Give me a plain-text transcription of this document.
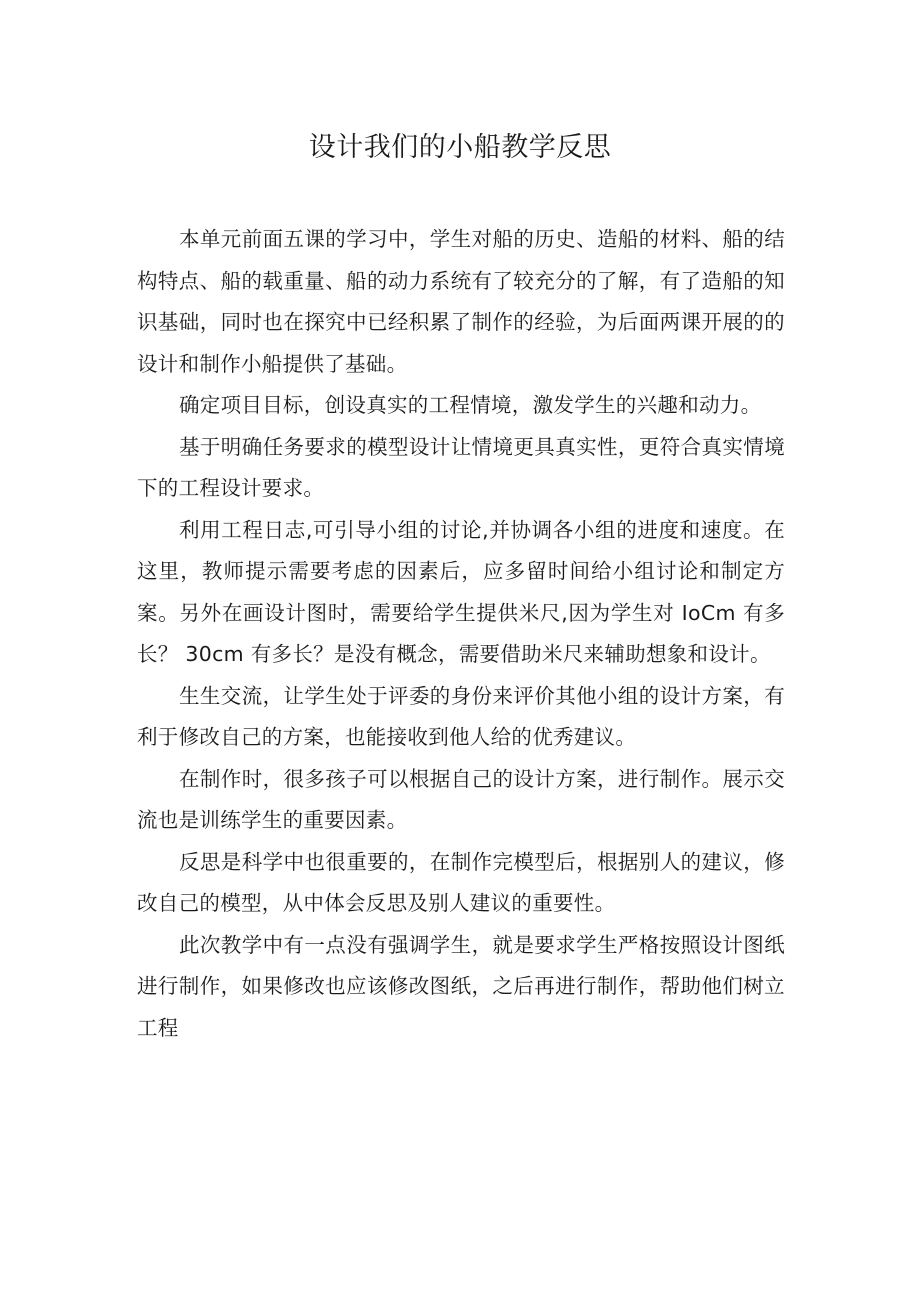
设计我们的小船教学反思

本单元前面五课的学习中，学生对船的历史、造船的材料、船的结构特点、船的载重量、船的动力系统有了较充分的了解，有了造船的知识基础，同时也在探究中已经积累了制作的经验，为后面两课开展的的设计和制作小船提供了基础。

确定项目目标，创设真实的工程情境，激发学生的兴趣和动力。

基于明确任务要求的模型设计让情境更具真实性，更符合真实情境下的工程设计要求。

利用工程日志,可引导小组的讨论,并协调各小组的进度和速度。在这里，教师提示需要考虑的因素后，应多留时间给小组讨论和制定方案。另外在画设计图时，需要给学生提供米尺,因为学生对 IoCm 有多长？ 30cm 有多长？是没有概念，需要借助米尺来辅助想象和设计。

生生交流，让学生处于评委的身份来评价其他小组的设计方案，有利于修改自己的方案，也能接收到他人给的优秀建议。

在制作时，很多孩子可以根据自己的设计方案，进行制作。展示交流也是训练学生的重要因素。

反思是科学中也很重要的，在制作完模型后，根据别人的建议，修改自己的模型，从中体会反思及别人建议的重要性。

此次教学中有一点没有强调学生，就是要求学生严格按照设计图纸进行制作，如果修改也应该修改图纸，之后再进行制作，帮助他们树立工程
